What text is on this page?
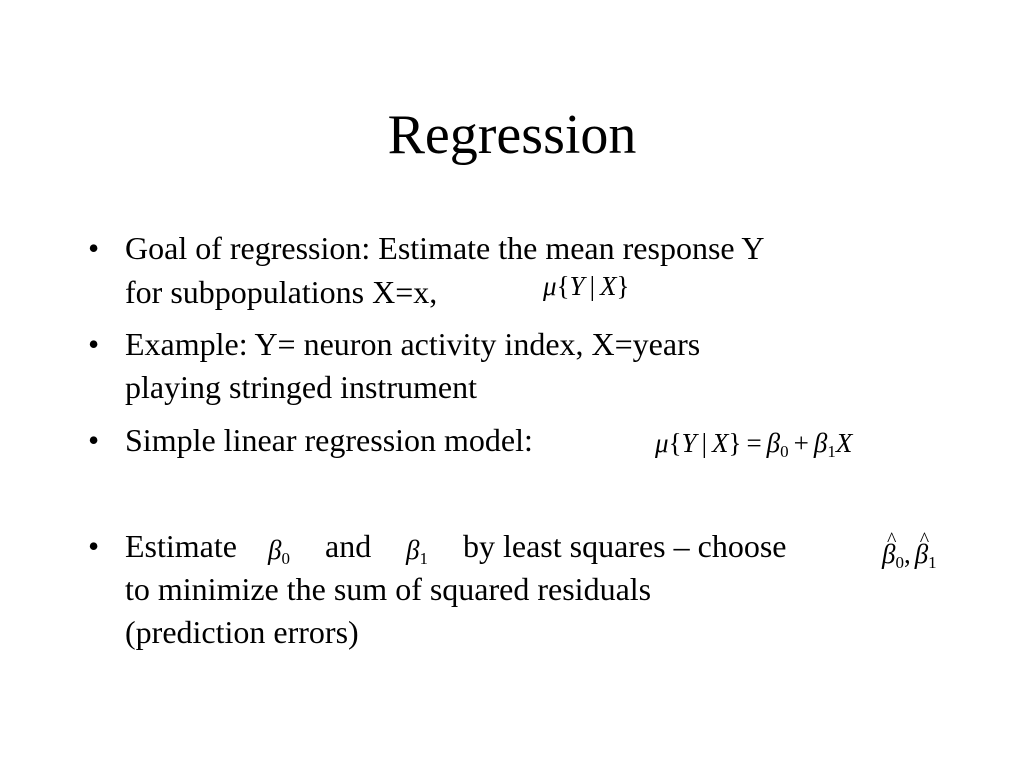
Regression
• Goal of regression: Estimate the mean response Y
for subpopulations X=x,	μ{Y | X}
• Example: Y= neuron activity index, X=years
playing stringed instrument
• Simple linear regression model:	μ{Y | $X\} = \beta_0 + \beta_1X$
• Estimate $\beta_0$ and $\beta_1$ by least squares – choose
^	$\beta_0,\^{}$ $\beta_1$
to minimize the sum of squared residuals
(prediction errors)
